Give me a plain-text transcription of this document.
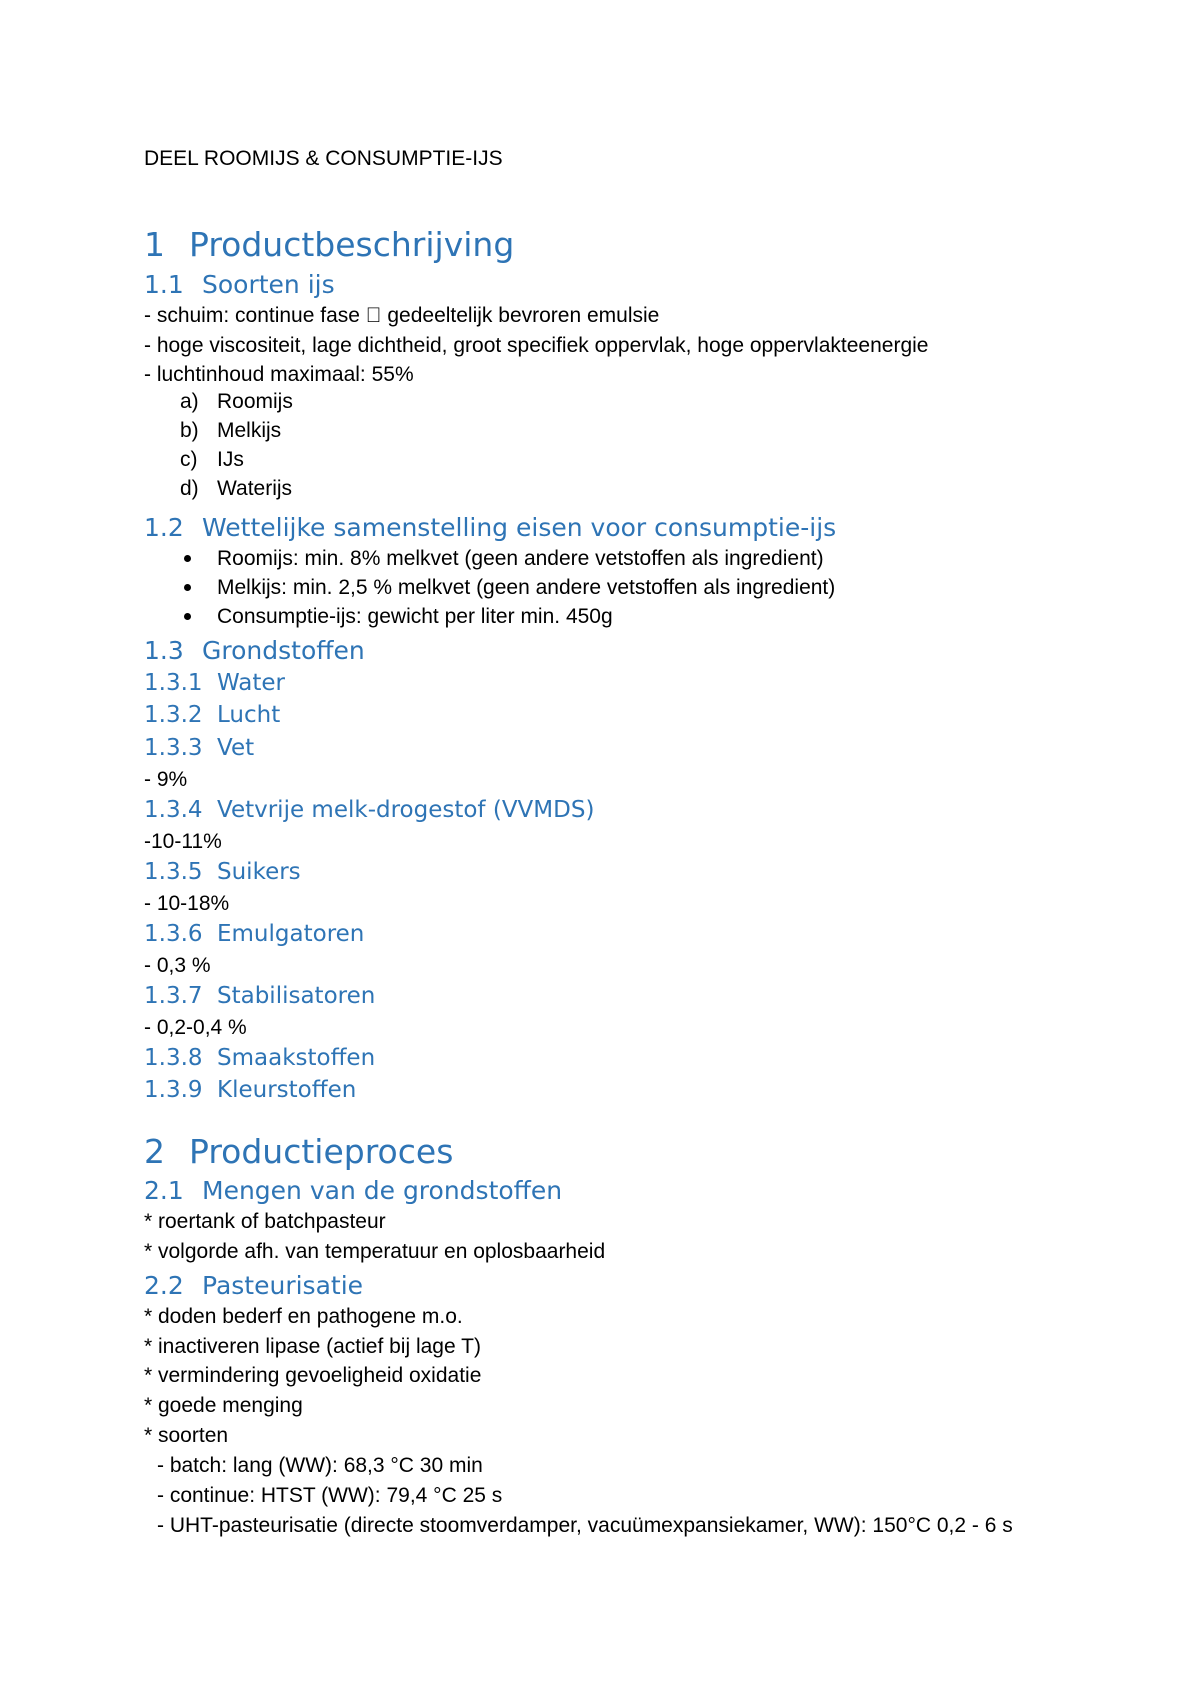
DEEL ROOMIJS & CONSUMPTIE-IJS
1 Productbeschrijving
1.1 Soorten ijs
- schuim: continue fase gedeeltelijk bevroren emulsie
- hoge viscositeit, lage dichtheid, groot specifiek oppervlak, hoge oppervlakteenergie
- luchtinhoud maximaal: 55%
a) Roomijs
b) Melkijs
c) IJs
d) Waterijs
1.2 Wettelijke samenstelling eisen voor consumptie-ijs
Roomijs: min. 8% melkvet (geen andere vetstoffen als ingredient)
Melkijs: min. 2,5 % melkvet (geen andere vetstoffen als ingredient)
Consumptie-ijs: gewicht per liter min. 450g
1.3 Grondstoffen
1.3.1 Water
1.3.2 Lucht
1.3.3 Vet
- 9%
1.3.4 Vetvrije melk-drogestof (VVMDS)
-10-11%
1.3.5 Suikers
- 10-18%
1.3.6 Emulgatoren
- 0,3 %
1.3.7 Stabilisatoren
- 0,2-0,4 %
1.3.8 Smaakstoffen
1.3.9 Kleurstoffen
2 Productieproces
2.1 Mengen van de grondstoffen
* roertank of batchpasteur
* volgorde afh. van temperatuur en oplosbaarheid
2.2 Pasteurisatie
* doden bederf en pathogene m.o.
* inactiveren lipase (actief bij lage T)
* vermindering gevoeligheid oxidatie
* goede menging
* soorten
- batch: lang (WW): 68,3 °C 30 min
- continue: HTST (WW): 79,4 °C 25 s
- UHT-pasteurisatie (directe stoomverdamper, vacuümexpansiekamer, WW): 150°C 0,2 - 6 s
